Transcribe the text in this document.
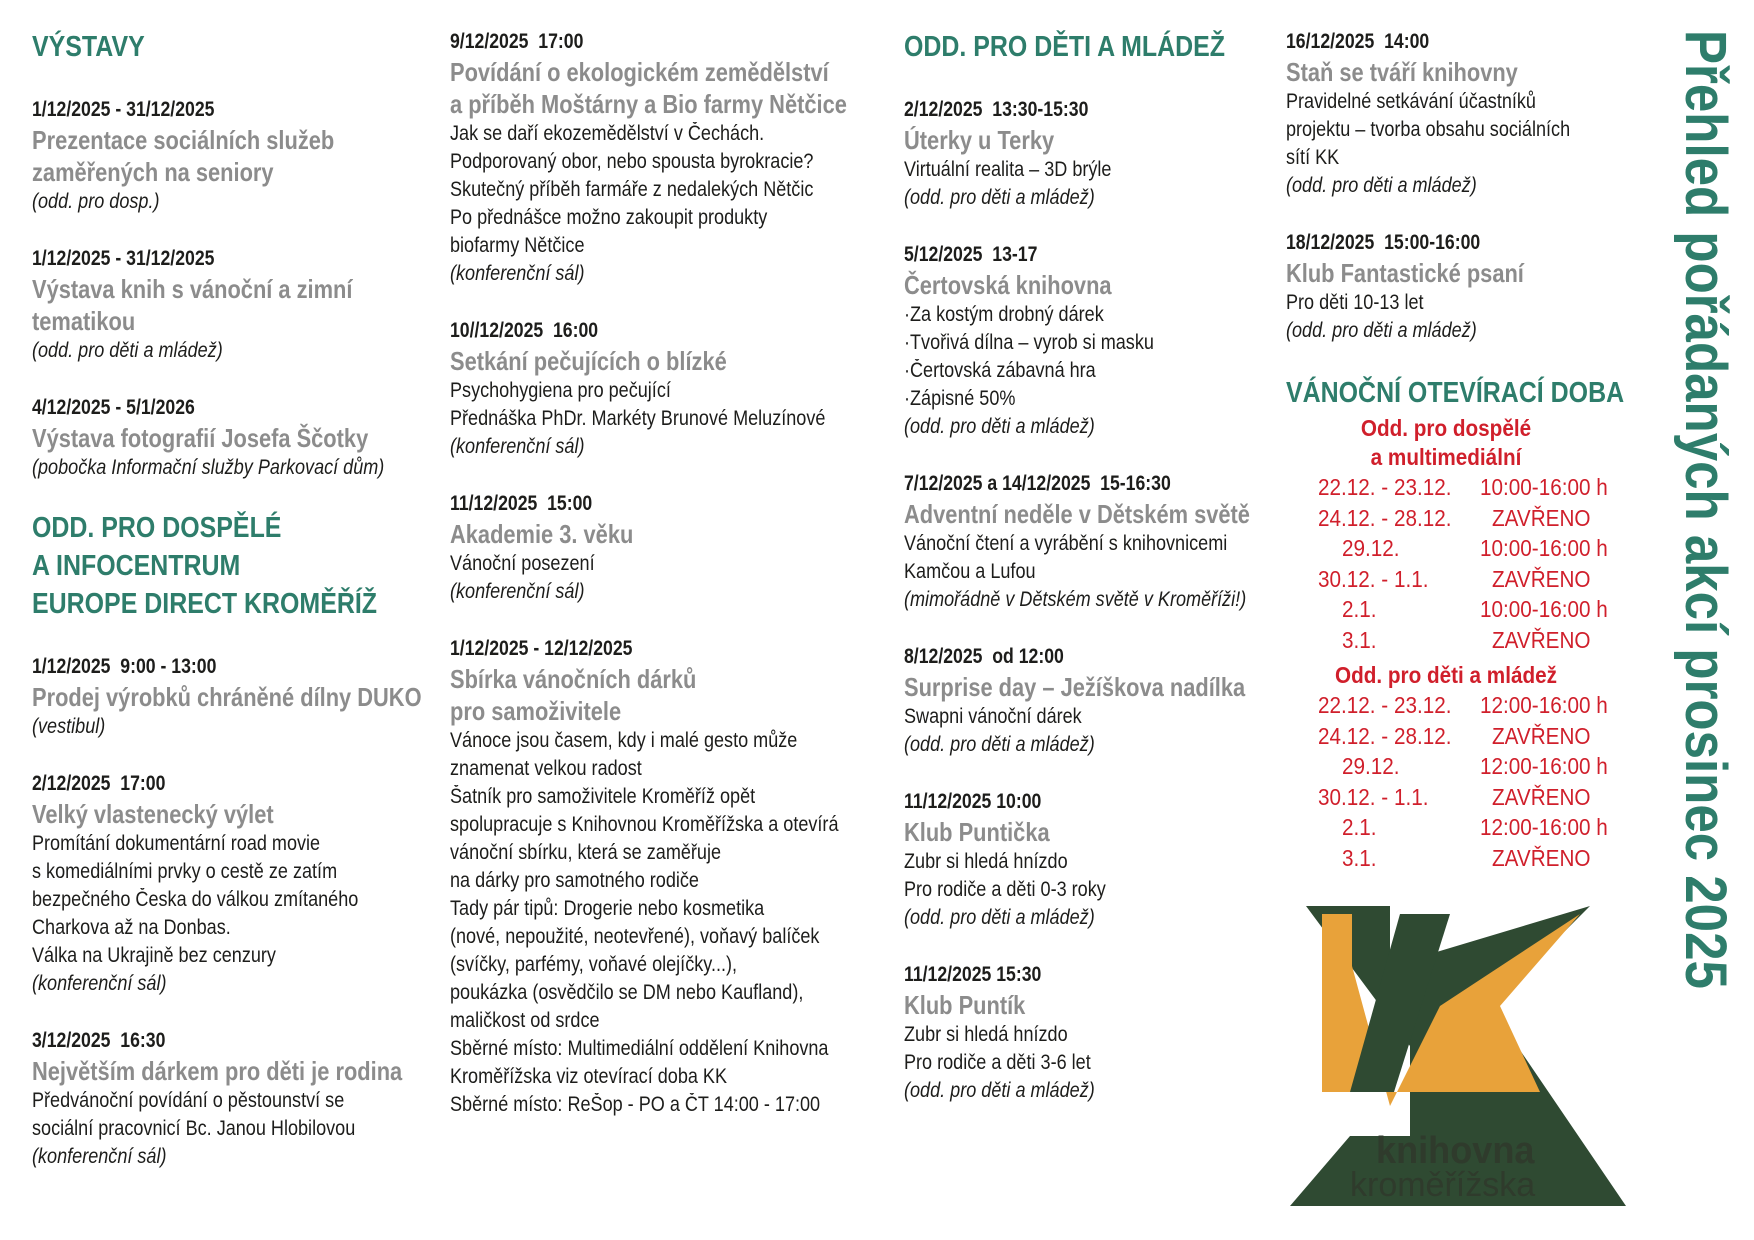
VÝSTAVY
1/12/2025 - 31/12/2025
Prezentace sociálních služeb
zaměřených na seniory
(odd. pro dosp.)
1/12/2025 - 31/12/2025
Výstava knih s vánoční a zimní
tematikou
(odd. pro děti a mládež)
4/12/2025 - 5/1/2026
Výstava fotografií Josefa Ščotky
(pobočka Informační služby Parkovací dům)
ODD. PRO DOSPĚLÉ
A INFOCENTRUM
EUROPE DIRECT KROMĚŘÍŽ
1/12/2025  9:00 - 13:00
Prodej výrobků chráněné dílny DUKO
(vestibul)
2/12/2025  17:00
Velký vlastenecký výlet
Promítání dokumentární road movie
s komediálními prvky o cestě ze zatím
bezpečného Česka do válkou zmítaného
Charkova až na Donbas.
Válka na Ukrajině bez cenzury
(konferenční sál)
3/12/2025  16:30
Největším dárkem pro děti je rodina
Předvánoční povídání o pěstounství se
sociální pracovnicí Bc. Janou Hlobilovou
(konferenční sál)
9/12/2025  17:00
Povídání o ekologickém zemědělství
a příběh Moštárny a Bio farmy Nětčice
Jak se daří ekozemědělství v Čechách.
Podporovaný obor, nebo spousta byrokracie?
Skutečný příběh farmáře z nedalekých Nětčic
Po přednášce možno zakoupit produkty
biofarmy Nětčice
(konferenční sál)
10//12/2025  16:00
Setkání pečujících o blízké
Psychohygiena pro pečující
Přednáška PhDr. Markéty Brunové Meluzínové
(konferenční sál)
11/12/2025  15:00
Akademie 3. věku
Vánoční posezení
(konferenční sál)
1/12/2025 - 12/12/2025
Sbírka vánočních dárků
pro samoživitele
Vánoce jsou časem, kdy i malé gesto může
znamenat velkou radost
Šatník pro samoživitele Kroměříž opět
spolupracuje s Knihovnou Kroměřížska a otevírá
vánoční sbírku, která se zaměřuje
na dárky pro samotného rodiče
Tady pár tipů: Drogerie nebo kosmetika
(nové, nepoužité, neotevřené), voňavý balíček
(svíčky, parfémy, voňavé olejíčky...),
poukázka (osvědčilo se DM nebo Kaufland),
maličkost od srdce
Sběrné místo: Multimediální oddělení Knihovna
Kroměřížska viz otevírací doba KK
Sběrné místo: ReŠop - PO a ČT 14:00 - 17:00
ODD. PRO DĚTI A MLÁDEŽ
2/12/2025  13:30-15:30
Úterky u Terky
Virtuální realita – 3D brýle
(odd. pro děti a mládež)
5/12/2025  13-17
Čertovská knihovna
·Za kostým drobný dárek
·Tvořivá dílna – vyrob si masku
·Čertovská zábavná hra
·Zápisné 50%
(odd. pro děti a mládež)
7/12/2025 a 14/12/2025  15-16:30
Adventní neděle v Dětském světě
Vánoční čtení a vyrábění s knihovnicemi
Kamčou a Lufou
(mimořádně v Dětském světě v Kroměříži!)
8/12/2025  od 12:00
Surprise day – Ježíškova nadílka
Swapni vánoční dárek
(odd. pro děti a mládež)
11/12/2025 10:00
Klub Puntička
Zubr si hledá hnízdo
Pro rodiče a děti 0-3 roky
(odd. pro děti a mládež)
11/12/2025 15:30
Klub Puntík
Zubr si hledá hnízdo
Pro rodiče a děti 3-6 let
(odd. pro děti a mládež)
16/12/2025  14:00
Staň se tváří knihovny
Pravidelné setkávání účastníků
projektu – tvorba obsahu sociálních
sítí KK
(odd. pro děti a mládež)
18/12/2025  15:00-16:00
Klub Fantastické psaní
Pro děti 10-13 let
(odd. pro děti a mládež)
VÁNOČNÍ OTEVÍRACÍ DOBA
Odd. pro dospělé
a multimediální
22.12. - 23.12. 10:00-16:00 h
24.12. - 28.12. ZAVŘENO
29.12.	10:00-16:00 h
30.12. - 1.1.	ZAVŘENO
2.1.	10:00-16:00 h
3.1.	ZAVŘENO
Odd. pro děti a mládež
22.12. - 23.12. 12:00-16:00 h
24.12. - 28.12. ZAVŘENO
29.12.	12:00-16:00 h
30.12. - 1.1.	ZAVŘENO
2.1.	12:00-16:00 h
3.1.	ZAVŘENO
knihovna
kroměřížska
Přehled pořádaných akcí prosinec 2025
